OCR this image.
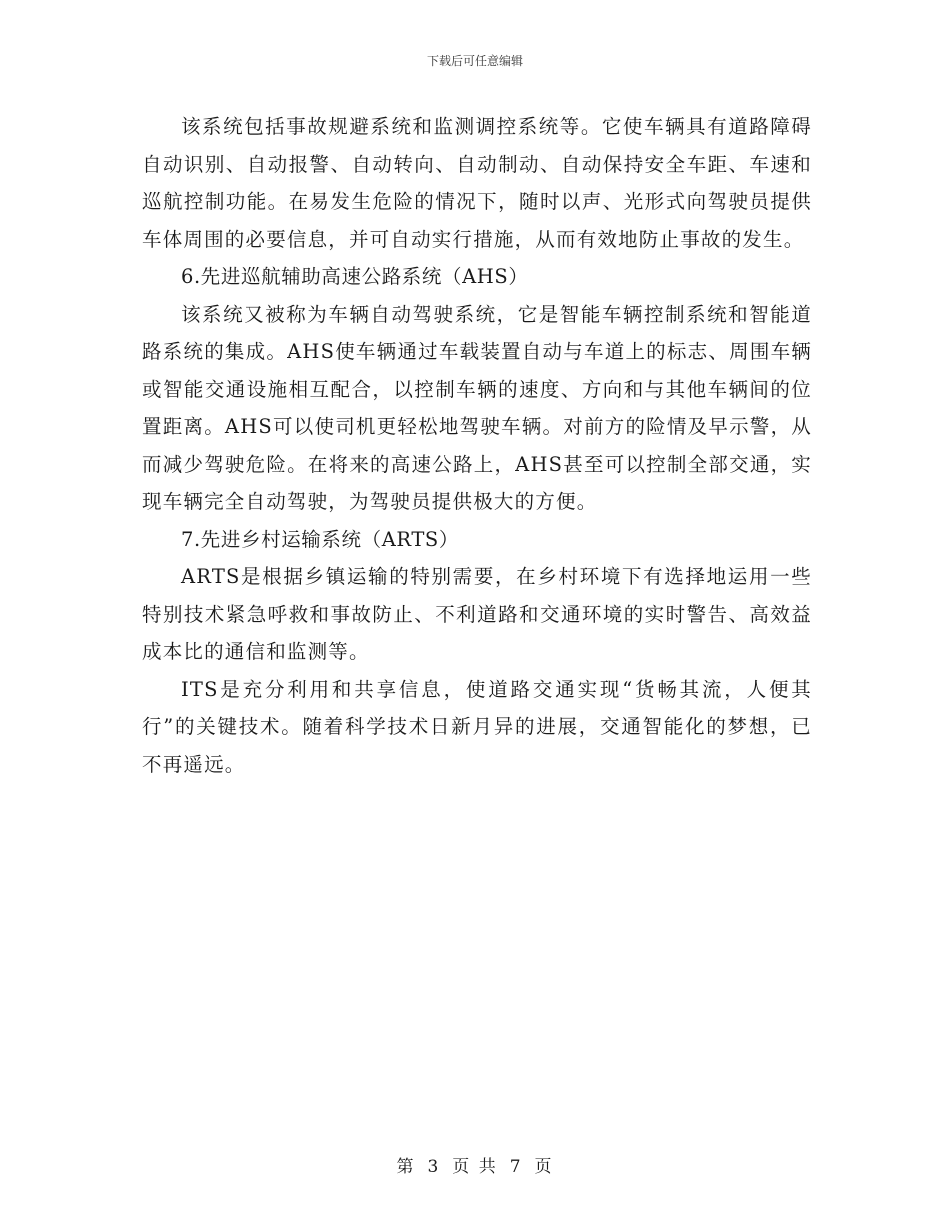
下载后可任意编辑

该系统包括事故规避系统和监测调控系统等。它使车辆具有道路障碍自动识别、自动报警、自动转向、自动制动、自动保持安全车距、车速和巡航控制功能。在易发生危险的情况下，随时以声、光形式向驾驶员提供车体周围的必要信息，并可自动实行措施，从而有效地防止事故的发生。

6.先进巡航辅助高速公路系统（AHS）

该系统又被称为车辆自动驾驶系统，它是智能车辆控制系统和智能道路系统的集成。AHS使车辆通过车载装置自动与车道上的标志、周围车辆或智能交通设施相互配合，以控制车辆的速度、方向和与其他车辆间的位置距离。AHS可以使司机更轻松地驾驶车辆。对前方的险情及早示警，从而减少驾驶危险。在将来的高速公路上，AHS甚至可以控制全部交通，实现车辆完全自动驾驶，为驾驶员提供极大的方便。

7.先进乡村运输系统（ARTS）

ARTS是根据乡镇运输的特别需要，在乡村环境下有选择地运用一些特别技术紧急呼救和事故防止、不利道路和交通环境的实时警告、高效益成本比的通信和监测等。

ITS是充分利用和共享信息，使道路交通实现“货畅其流，人便其行”的关键技术。随着科学技术日新月异的进展，交通智能化的梦想，已不再遥远。

第 3 页 共 7 页
